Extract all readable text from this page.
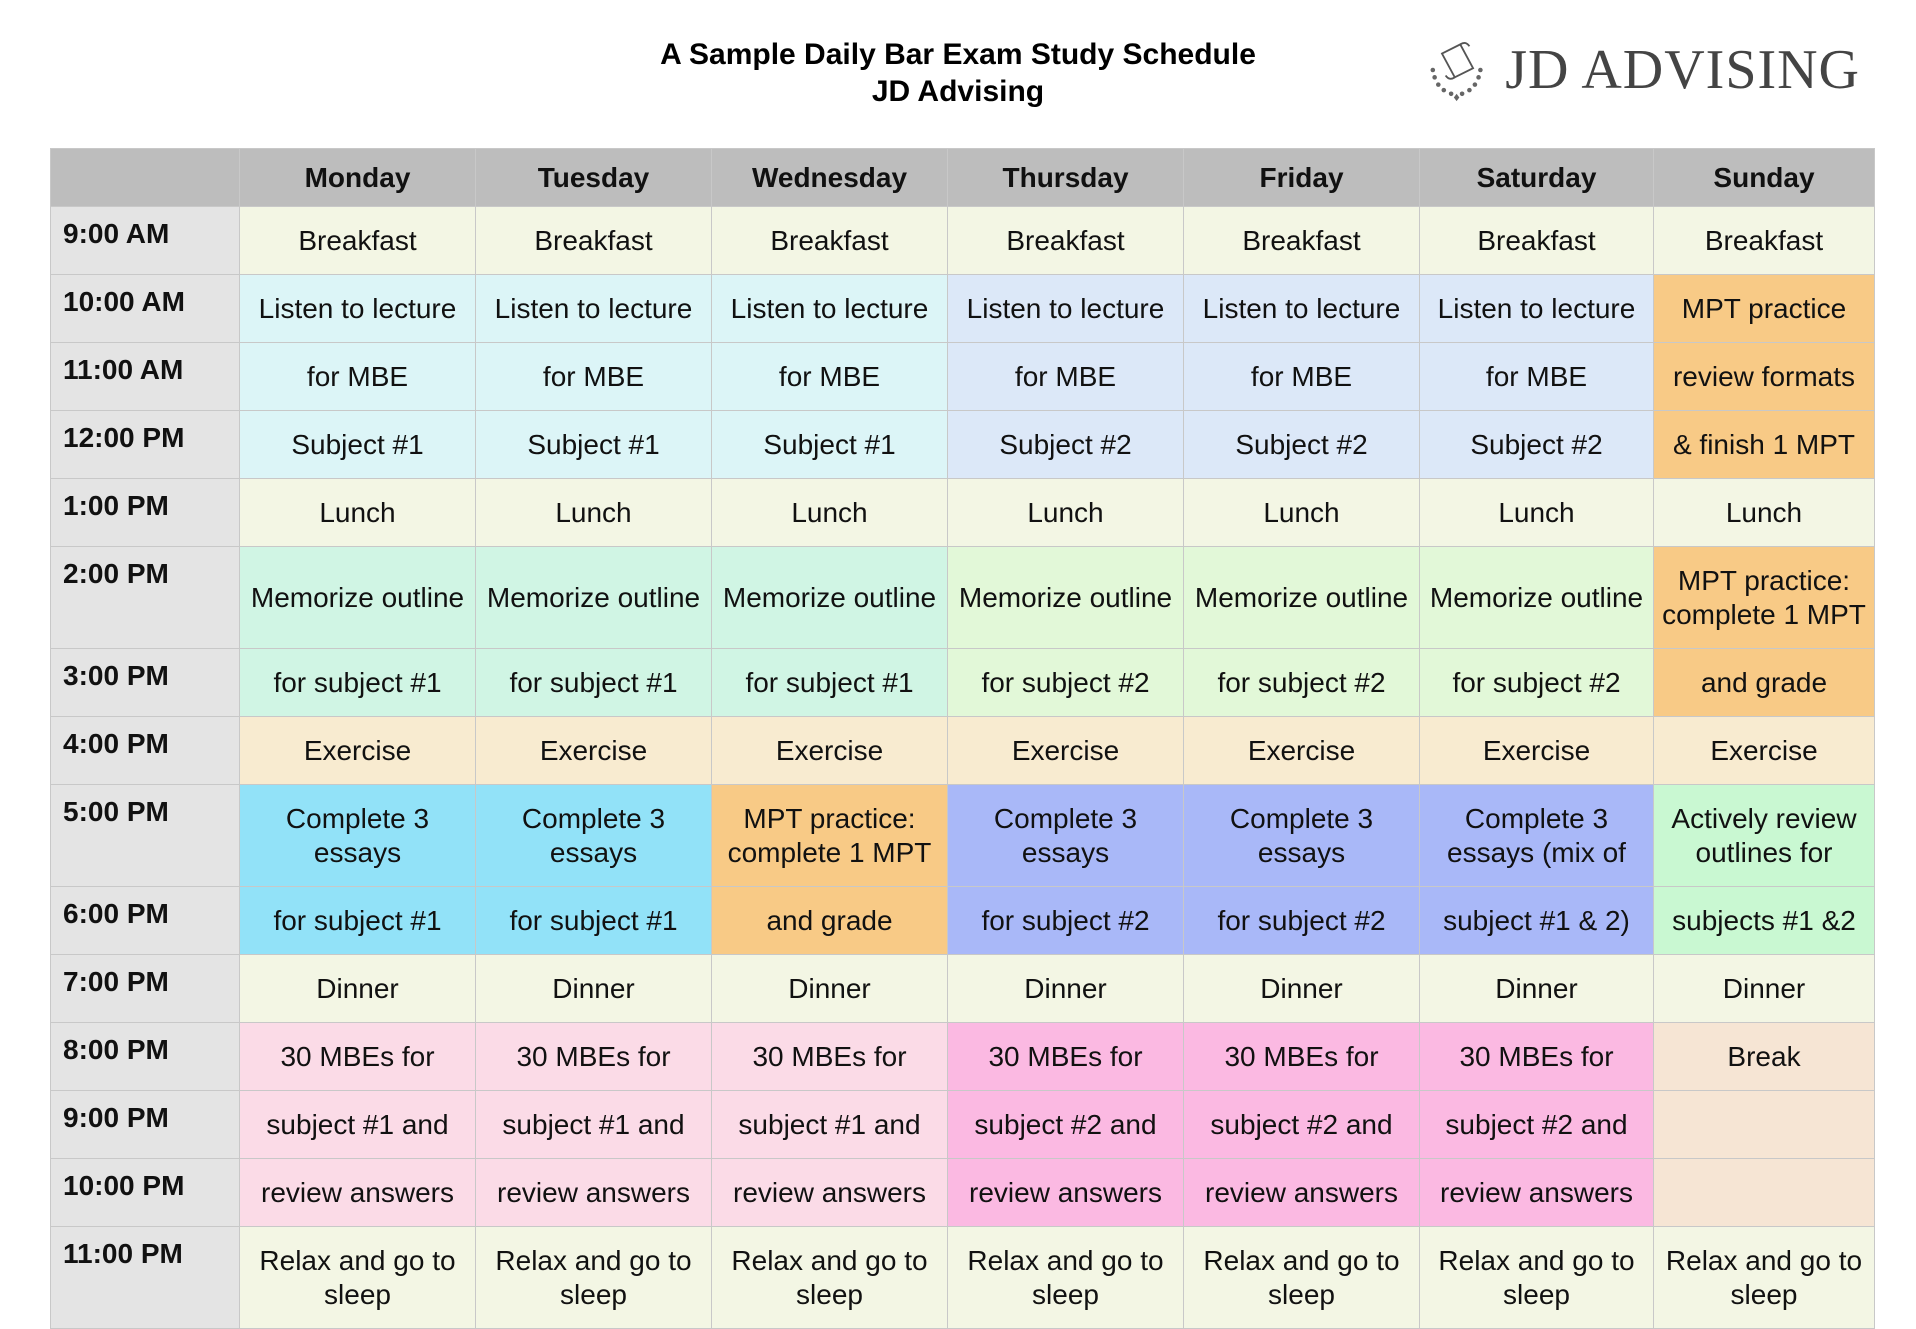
A Sample Daily Bar Exam Study Schedule
JD Advising	JD ADVISING
	Monday	Tuesday	Wednesday	Thursday	Friday	Saturday	Sunday
9:00 AM	Breakfast	Breakfast	Breakfast	Breakfast	Breakfast	Breakfast	Breakfast
10:00 AM	Listen to lecture	Listen to lecture	Listen to lecture	Listen to lecture	Listen to lecture	Listen to lecture	MPT practice
11:00 AM	for MBE	for MBE	for MBE	for MBE	for MBE	for MBE	review formats
12:00 PM	Subject #1	Subject #1	Subject #1	Subject #2	Subject #2	Subject #2	& finish 1 MPT
1:00 PM	Lunch	Lunch	Lunch	Lunch	Lunch	Lunch	Lunch
2:00 PM	Memorize outline	Memorize outline	Memorize outline	Memorize outline	Memorize outline	Memorize outline	MPT practice: complete 1 MPT
3:00 PM	for subject #1	for subject #1	for subject #1	for subject #2	for subject #2	for subject #2	and grade
4:00 PM	Exercise	Exercise	Exercise	Exercise	Exercise	Exercise	Exercise
5:00 PM	Complete 3 essays	Complete 3 essays	MPT practice: complete 1 MPT	Complete 3 essays	Complete 3 essays	Complete 3 essays (mix of	Actively review outlines for
6:00 PM	for subject #1	for subject #1	and grade	for subject #2	for subject #2	subject #1 & 2)	subjects #1 &2
7:00 PM	Dinner	Dinner	Dinner	Dinner	Dinner	Dinner	Dinner
8:00 PM	30 MBEs for	30 MBEs for	30 MBEs for	30 MBEs for	30 MBEs for	30 MBEs for	Break
9:00 PM	subject #1 and	subject #1 and	subject #1 and	subject #2 and	subject #2 and	subject #2 and	
10:00 PM	review answers	review answers	review answers	review answers	review answers	review answers	
11:00 PM	Relax and go to sleep	Relax and go to sleep	Relax and go to sleep	Relax and go to sleep	Relax and go to sleep	Relax and go to sleep	Relax and go to sleep
